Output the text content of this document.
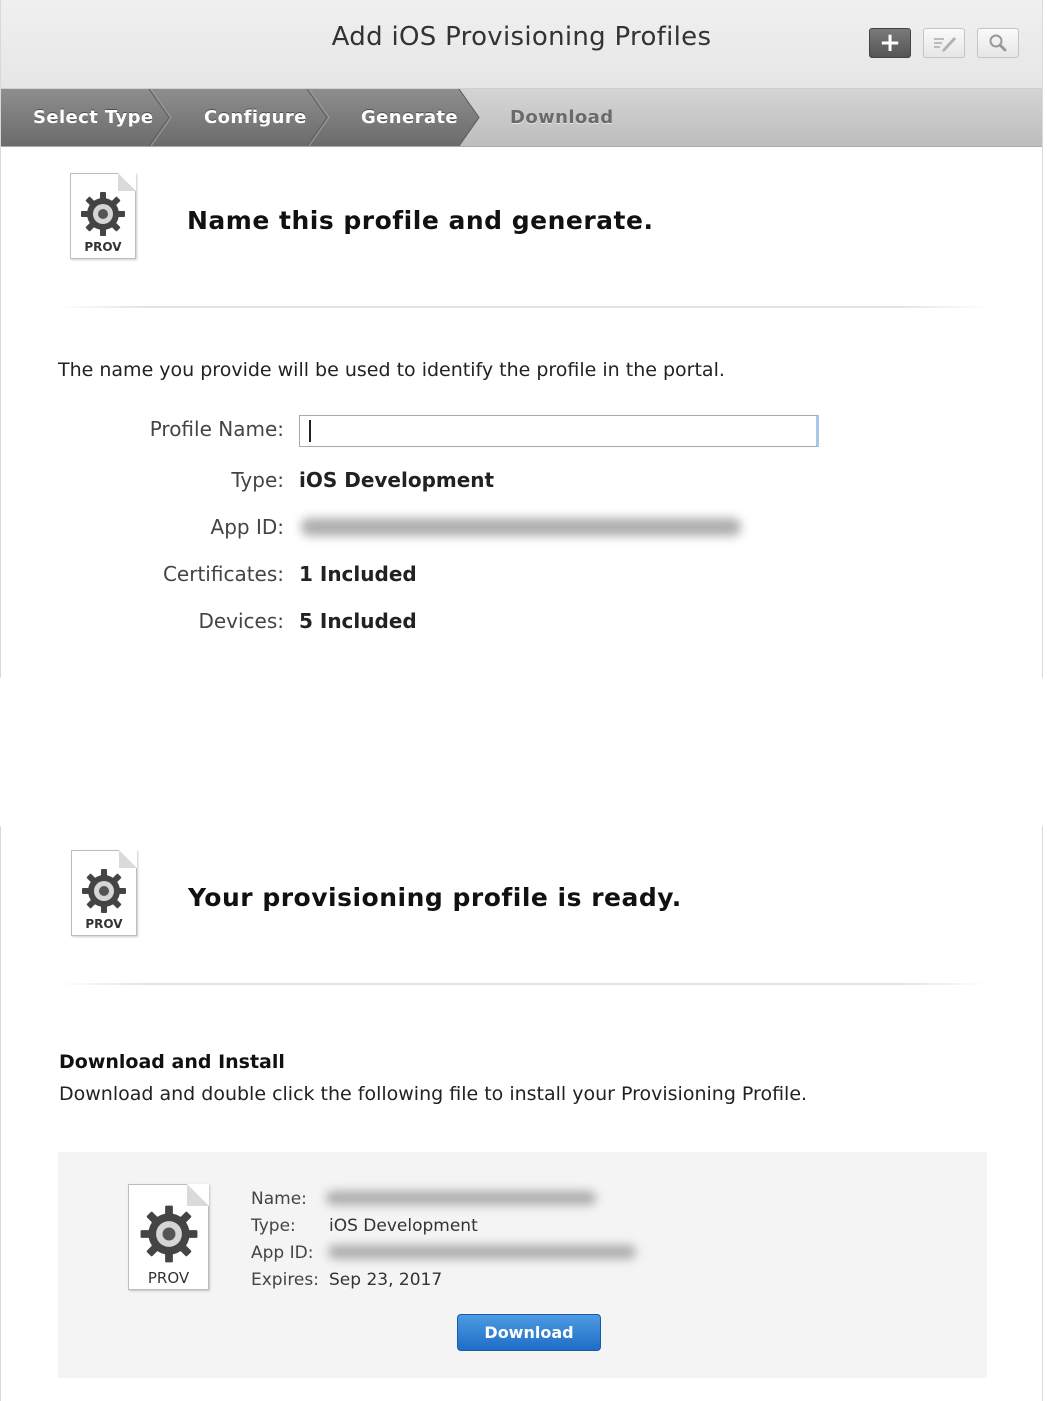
Add iOS Provisioning Profiles	+
Select Type	Configure	Generate	Download
PROV
Name this profile and generate.
The name you provide will be used to identify the profile in the portal.
Profile Name:
Type: iOS Development
App ID:
Certificates: 1 Included
Devices: 5 Included
PROV
Your provisioning profile is ready.
Download and Install
Download and double click the following file to install your Provisioning Profile.
PROV
Name:
Type: iOS Development
App ID:
Expires: Sep 23, 2017
Download
